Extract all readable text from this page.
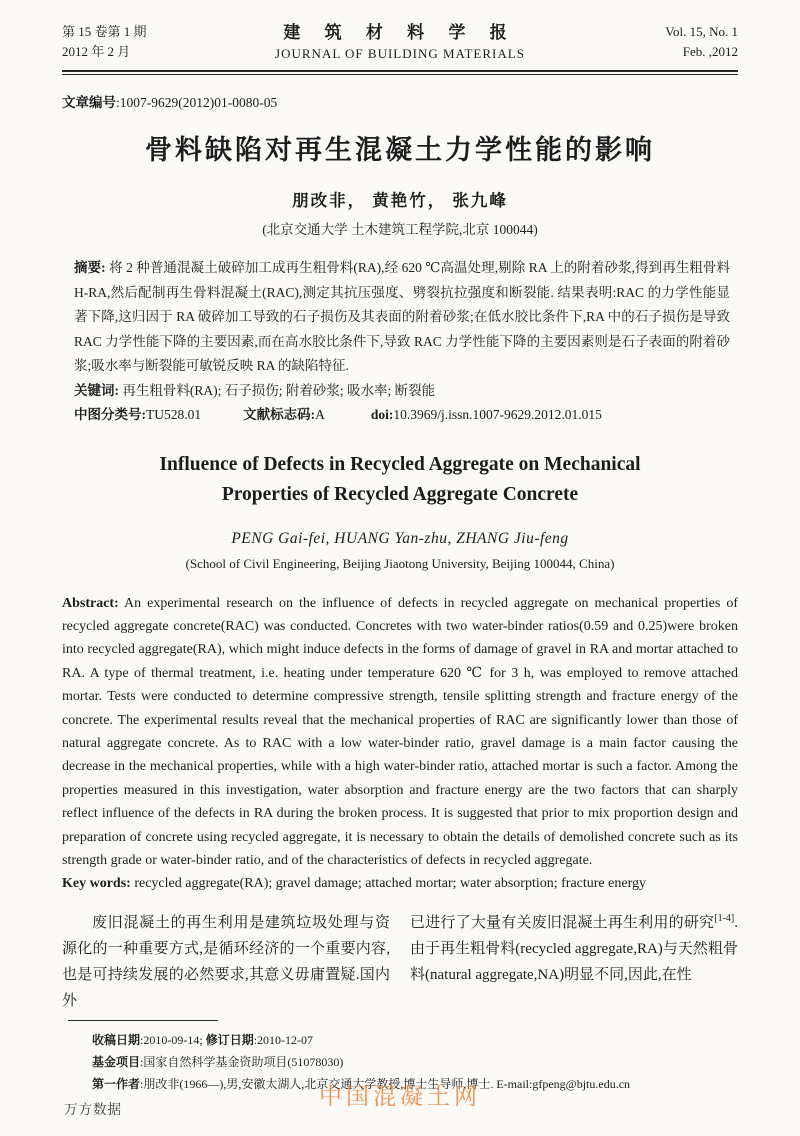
第 15 卷第 1 期
2012 年 2 月
建 筑 材 料 学 报
JOURNAL OF BUILDING MATERIALS
Vol. 15, No. 1
Feb. ,2012
文章编号:1007-9629(2012)01-0080-05
骨料缺陷对再生混凝土力学性能的影响
朋改非， 黄艳竹， 张九峰
(北京交通大学 土木建筑工程学院,北京 100044)

摘要: 将 2 种普通混凝土破碎加工成再生粗骨料(RA),经 620 ℃高温处理,剔除 RA 上的附着砂浆,得到再生粗骨料 H-RA,然后配制再生骨料混凝土(RAC),测定其抗压强度、劈裂抗拉强度和断裂能. 结果表明:RAC 的力学性能显著下降,这归因于 RA 破碎加工导致的石子损伤及其表面的附着砂浆;在低水胶比条件下,RA 中的石子损伤是导致 RAC 力学性能下降的主要因素,而在高水胶比条件下,导致 RAC 力学性能下降的主要因素则是石子表面的附着砂浆;吸水率与断裂能可敏锐反映 RA 的缺陷特征.

关键词: 再生粗骨料(RA); 石子损伤; 附着砂浆; 吸水率; 断裂能

中图分类号:TU528.01	文献标志码:A	doi:10.3969/j.issn.1007-9629.2012.01.015

Influence of Defects in Recycled Aggregate on Mechanical
Properties of Recycled Aggregate Concrete
PENG Gai-fei, HUANG Yan-zhu, ZHANG Jiu-feng
(School of Civil Engineering, Beijing Jiaotong University, Beijing 100044, China)

Abstract: An experimental research on the influence of defects in recycled aggregate on mechanical properties of recycled aggregate concrete(RAC) was conducted. Concretes with two water-binder ratios(0.59 and 0.25)were broken into recycled aggregate(RA), which might induce defects in the forms of damage of gravel in RA and mortar attached to RA. A type of thermal treatment, i.e. heating under temperature 620 ℃ for 3 h, was employed to remove attached mortar. Tests were conducted to determine compressive strength, tensile splitting strength and fracture energy of the concrete. The experimental results reveal that the mechanical properties of RAC are significantly lower than those of natural aggregate concrete. As to RAC with a low water-binder ratio, gravel damage is a main factor causing the decrease in the mechanical properties, while with a high water-binder ratio, attached mortar is such a factor. Among the properties measured in this investigation, water absorption and fracture energy are the two factors that can sharply reflect influence of the defects in RA during the broken process. It is suggested that prior to mix proportion design and preparation of concrete using recycled aggregate, it is necessary to obtain the details of demolished concrete such as its strength grade or water-binder ratio, and of the characteristics of defects in recycled aggregate.

Key words: recycled aggregate(RA); gravel damage; attached mortar; water absorption; fracture energy

废旧混凝土的再生利用是建筑垃圾处理与资源化的一种重要方式,是循环经济的一个重要内容,也是可持续发展的必然要求,其意义毋庸置疑.国内外

已进行了大量有关废旧混凝土再生利用的研究[1-4]. 由于再生粗骨料(recycled aggregate,RA)与天然粗骨料(natural aggregate,NA)明显不同,因此,在性

收稿日期:2010-09-14; 修订日期:2010-12-07
基金项目:国家自然科学基金资助项目(51078030)
第一作者:朋改非(1966—),男,安徽太湖人,北京交通大学教授,博士生导师,博士. E-mail:gfpeng@bjtu.edu.cn
中国混凝土网
万方数据
